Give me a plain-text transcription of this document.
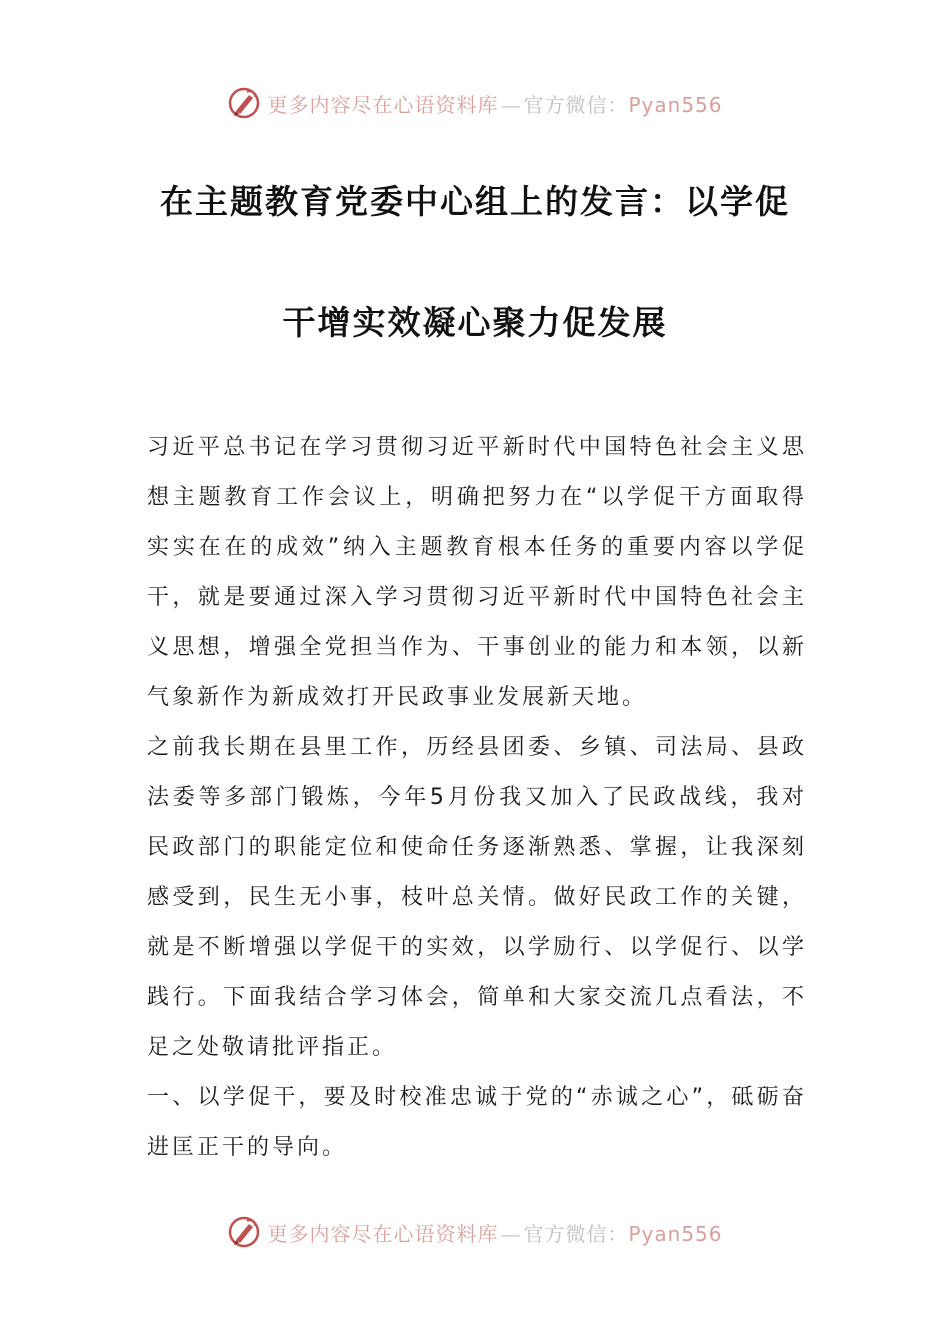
更多内容尽在心语资料库 — 官方微信：Pyan556
在主题教育党委中心组上的发言：以学促
干增实效凝心聚力促发展
习近平总书记在学习贯彻习近平新时代中国特色社会主义思想主题教育工作会议上，明确把努力在“以学促干方面取得实实在在的成效”纳入主题教育根本任务的重要内容以学促干，就是要通过深入学习贯彻习近平新时代中国特色社会主义思想，增强全党担当作为、干事创业的能力和本领，以新气象新作为新成效打开民政事业发展新天地。
之前我长期在县里工作，历经县团委、乡镇、司法局、县政法委等多部门锻炼，今年5月份我又加入了民政战线，我对民政部门的职能定位和使命任务逐渐熟悉、掌握，让我深刻感受到，民生无小事，枝叶总关情。做好民政工作的关键，就是不断增强以学促干的实效，以学励行、以学促行、以学践行。下面我结合学习体会，简单和大家交流几点看法，不足之处敬请批评指正。
一、以学促干，要及时校准忠诚于党的“赤诚之心”，砥砺奋进匡正干的导向。
更多内容尽在心语资料库 — 官方微信：Pyan556
